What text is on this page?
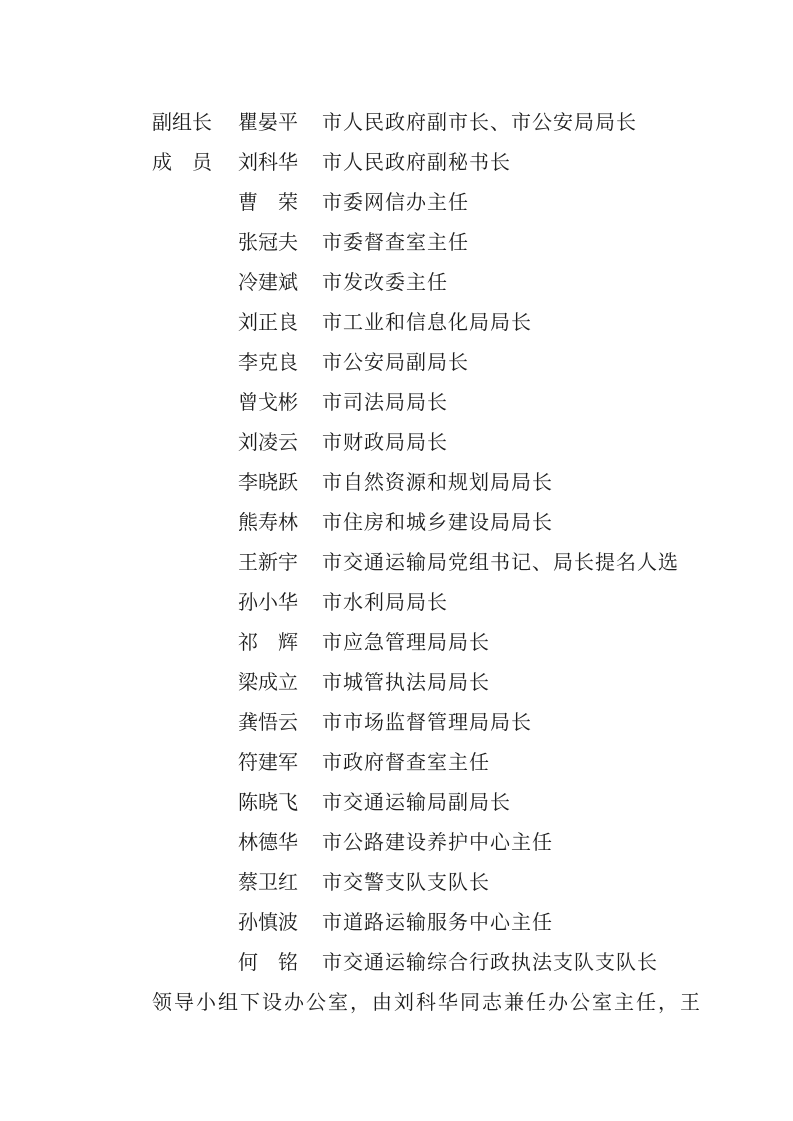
副组长 瞿晏平 市人民政府副市长、市公安局局长
成　员 刘科华 市人民政府副秘书长
曹　荣 市委网信办主任
张冠夫 市委督查室主任
冷建斌 市发改委主任
刘正良 市工业和信息化局局长
李克良 市公安局副局长
曾戈彬 市司法局局长
刘凌云 市财政局局长
李晓跃 市自然资源和规划局局长
熊寿林 市住房和城乡建设局局长
王新宇 市交通运输局党组书记、局长提名人选
孙小华 市水利局局长
祁　辉 市应急管理局局长
梁成立 市城管执法局局长
龚悟云 市市场监督管理局局长
符建军 市政府督查室主任
陈晓飞 市交通运输局副局长
林德华 市公路建设养护中心主任
蔡卫红 市交警支队支队长
孙慎波 市道路运输服务中心主任
何　铭 市交通运输综合行政执法支队支队长
领导小组下设办公室，由刘科华同志兼任办公室主任，王
